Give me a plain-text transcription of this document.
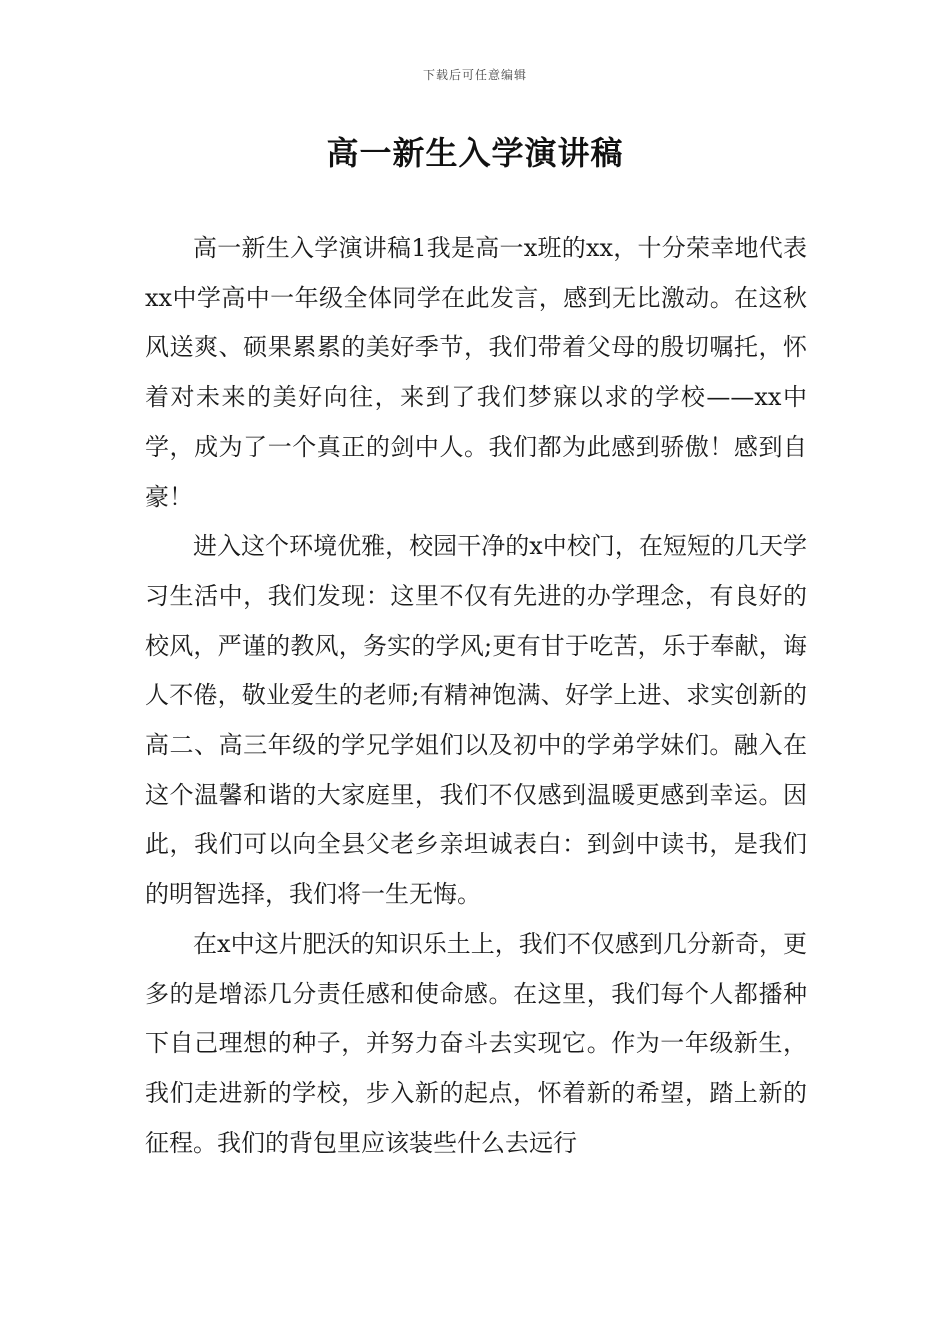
下载后可任意编辑
高一新生入学演讲稿

高一新生入学演讲稿1我是高一x班的xx，十分荣幸地代表xx中学高中一年级全体同学在此发言，感到无比激动。在这秋风送爽、硕果累累的美好季节，我们带着父母的殷切嘱托，怀着对未来的美好向往，来到了我们梦寐以求的学校——xx中学，成为了一个真正的剑中人。我们都为此感到骄傲！感到自豪！

进入这个环境优雅，校园干净的x中校门，在短短的几天学习生活中，我们发现：这里不仅有先进的办学理念，有良好的校风，严谨的教风，务实的学风;更有甘于吃苦，乐于奉献，诲人不倦，敬业爱生的老师;有精神饱满、好学上进、求实创新的高二、高三年级的学兄学姐们以及初中的学弟学妹们。融入在这个温馨和谐的大家庭里，我们不仅感到温暖更感到幸运。因此，我们可以向全县父老乡亲坦诚表白：到剑中读书，是我们的明智选择，我们将一生无悔。

在x中这片肥沃的知识乐土上，我们不仅感到几分新奇，更多的是增添几分责任感和使命感。在这里，我们每个人都播种下自己理想的种子，并努力奋斗去实现它。作为一年级新生，我们走进新的学校，步入新的起点，怀着新的希望，踏上新的征程。我们的背包里应该装些什么去远行
